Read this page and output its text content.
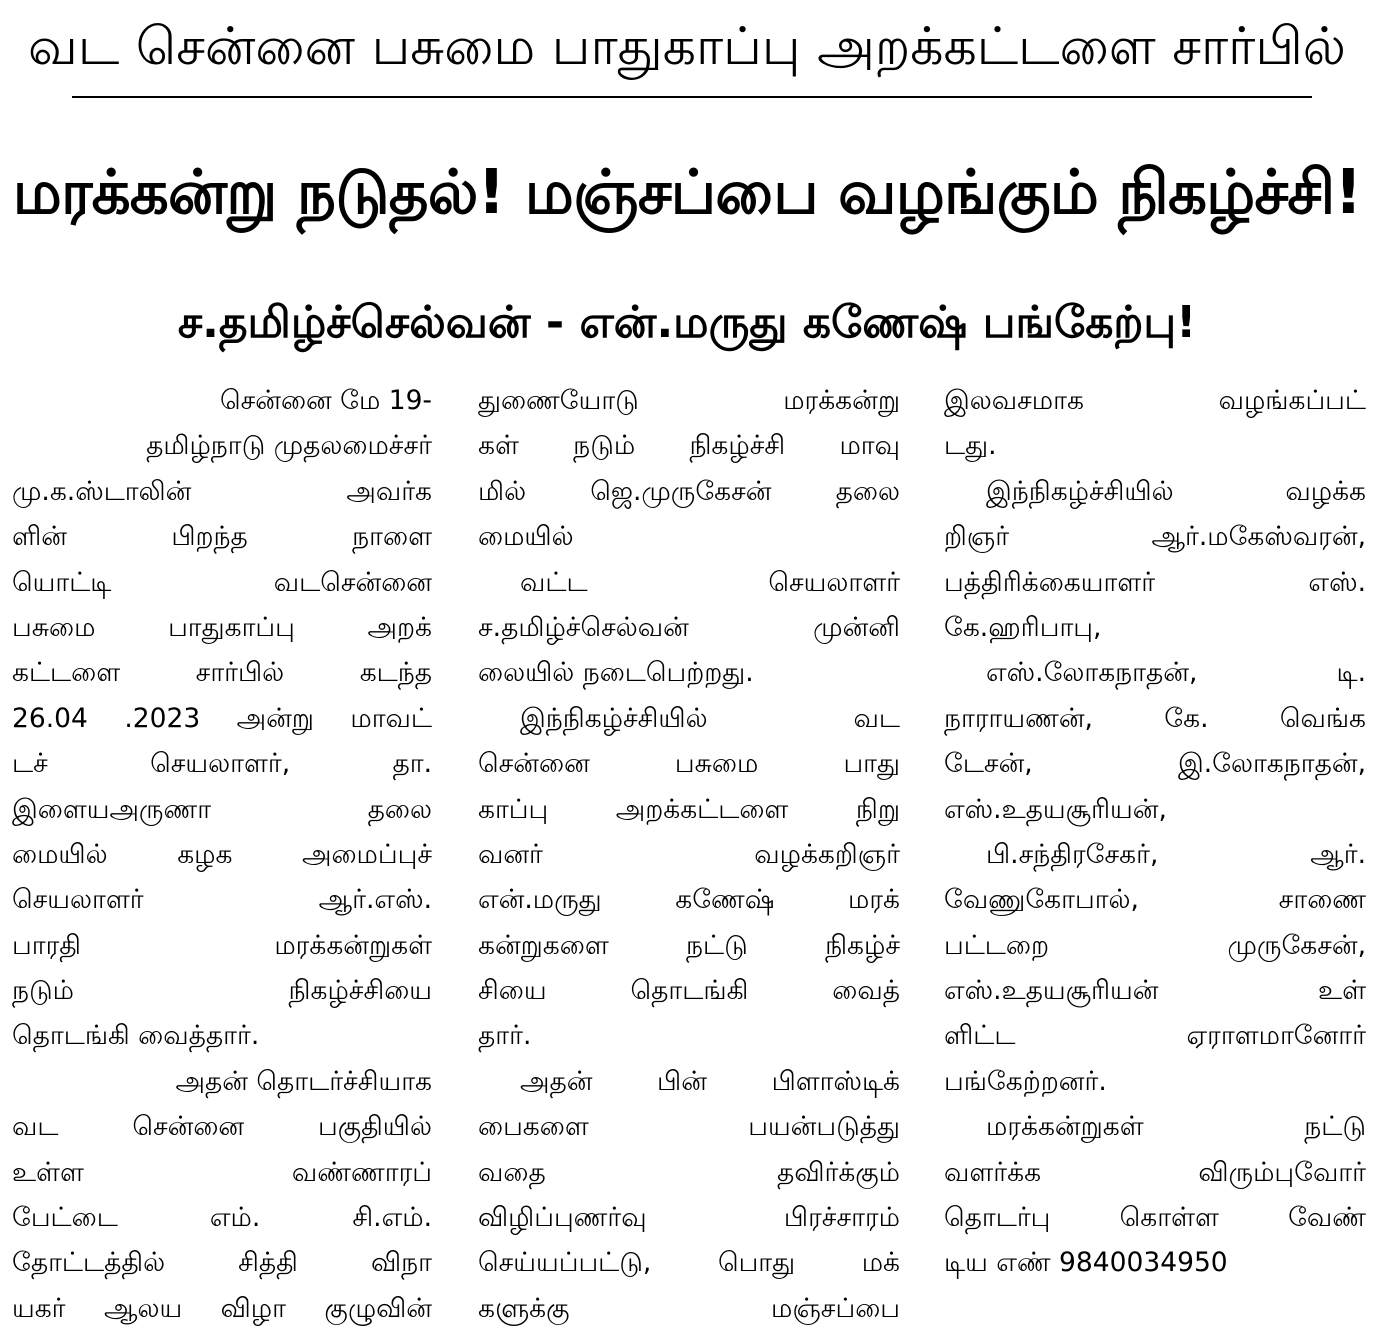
வட சென்னை பசுமை பாதுகாப்பு அறக்கட்டளை சார்பில்
மரக்கன்று நடுதல்! மஞ்சப்பை வழங்கும் நிகழ்ச்சி!
ச.தமிழ்ச்செல்வன் - என்.மருது கணேஷ் பங்கேற்பு!
சென்னை மே 19-
தமிழ்நாடு முதலமைச்சர்
மு.க.ஸ்டாலின் அவர்க
ளின் பிறந்த நாளை
யொட்டி வடசென்னை
பசுமை பாதுகாப்பு அறக்
கட்டளை சார்பில் கடந்த
26.04 .2023 அன்று மாவட்
டச் செயலாளர், தா.
இளையஅருணா தலை
மையில் கழக அமைப்புச்
செயலாளர் ஆர்.எஸ்.
பாரதி மரக்கன்றுகள்
நடும் நிகழ்ச்சியை
தொடங்கி வைத்தார்.
அதன் தொடர்ச்சியாக
வட சென்னை பகுதியில்
உள்ள வண்ணாரப்
பேட்டை எம். சி.எம்.
தோட்டத்தில் சித்தி விநா
யகர் ஆலய விழா குழுவின்
துணையோடு மரக்கன்று
கள் நடும் நிகழ்ச்சி மாவு
மில் ஜெ.முருகேசன் தலை
மையில்
வட்ட செயலாளர்
ச.தமிழ்ச்செல்வன் முன்னி
லையில் நடைபெற்றது.
இந்நிகழ்ச்சியில் வட
சென்னை பசுமை பாது
காப்பு அறக்கட்டளை நிறு
வனர் வழக்கறிஞர்
என்.மருது கணேஷ் மரக்
கன்றுகளை நட்டு நிகழ்ச்
சியை தொடங்கி வைத்
தார்.
அதன் பின் பிளாஸ்டிக்
பைகளை பயன்படுத்து
வதை தவிர்க்கும்
விழிப்புணர்வு பிரச்சாரம்
செய்யப்பட்டு, பொது மக்
களுக்கு மஞ்சப்பை
இலவசமாக வழங்கப்பட்
டது.
இந்நிகழ்ச்சியில் வழக்க
றிஞர் ஆர்.மகேஸ்வரன்,
பத்திரிக்கையாளர் எஸ்.
கே.ஹரிபாபு,
எஸ்.லோகநாதன், டி.
நாராயணன், கே. வெங்க
டேசன், இ.லோகநாதன்,
எஸ்.உதயசூரியன்,
பி.சந்திரசேகர், ஆர்.
வேணுகோபால், சாணை
பட்டறை முருகேசன்,
எஸ்.உதயசூரியன் உள்
ளிட்ட ஏராளமானோர்
பங்கேற்றனர்.
மரக்கன்றுகள் நட்டு
வளர்க்க விரும்புவோர்
தொடர்பு கொள்ள வேண்
டிய எண் 9840034950
